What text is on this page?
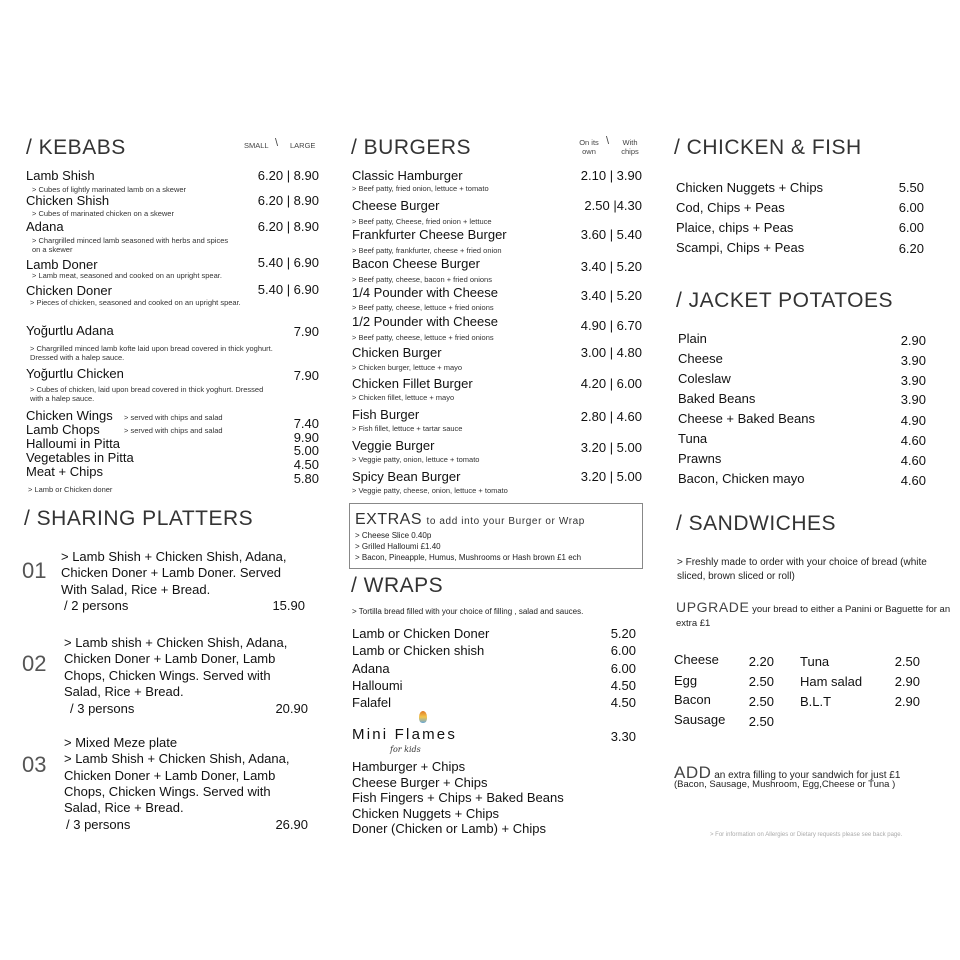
/ KEBABS	SMALL \ LARGE
Lamb Shish	6.20 | 8.90
> Cubes of lightly marinated lamb on a skewer
Chicken Shish	6.20 | 8.90
> Cubes of marinated chicken on a skewer
Adana	6.20 | 8.90
> Chargrilled minced lamb seasoned with herbs and spices on a skewer
Lamb Doner	5.40 | 6.90
> Lamb meat, seasoned and cooked on an upright spear.
Chicken Doner	5.40 | 6.90
> Pieces of chicken, seasoned and cooked on an upright spear.
Yoğurtlu Adana	7.90
> Chargrilled minced lamb kofte laid upon bread covered in thick yoghurt. Dressed with a halep sauce.
Yoğurtlu Chicken	7.90
> Cubes of chicken, laid upon bread covered in thick yoghurt. Dressed with a halep sauce.
Chicken Wings > served with chips and salad	7.40
Lamb Chops	> served with chips and salad	9.90
Halloumi in Pitta	5.00
Vegetables in Pitta	4.50
Meat + Chips	5.80
> Lamb or Chicken doner
/ SHARING PLATTERS
01
> Lamb Shish + Chicken Shish, Adana,
Chicken Doner + Lamb Doner. Served
With Salad, Rice + Bread.
/ 2 persons	15.90
02
> Lamb shish + Chicken Shish, Adana,
Chicken Doner + Lamb Doner, Lamb
Chops, Chicken Wings. Served with
Salad, Rice + Bread.
/ 3 persons	20.90
03
> Mixed Meze plate
> Lamb Shish + Chicken Shish, Adana,
Chicken Doner + Lamb Doner, Lamb
Chops, Chicken Wings. Served with
Salad, Rice + Bread.
/ 3 persons	26.90
/ BURGERS	On its own
\	With chips
Classic Hamburger	2.10 | 3.90
> Beef patty, fried onion, lettuce + tomato
Cheese Burger	2.50 |4.30
> Beef patty, Cheese, fried onion + lettuce
Frankfurter Cheese Burger	3.60 | 5.40
> Beef patty, frankfurter, cheese + fried onion
Bacon Cheese Burger	3.40 | 5.20
> Beef patty, cheese, bacon + fried onions
1/4 Pounder with Cheese	3.40 | 5.20
> Beef patty, cheese, lettuce + fried onions
1/2 Pounder with Cheese	4.90 | 6.70
> Beef patty, cheese, lettuce + fried onions
Chicken Burger	3.00 | 4.80
> Chicken burger, lettuce + mayo
Chicken Fillet Burger	4.20 | 6.00
> Chicken fillet, lettuce + mayo
Fish Burger	2.80 | 4.60
> Fish fillet, lettuce + tartar sauce
Veggie Burger	3.20 | 5.00
> Veggie patty, onion, lettuce + tomato
Spicy Bean Burger	3.20 | 5.00
> Veggie patty, cheese, onion, lettuce + tomato
EXTRAS to add into your Burger or Wrap
> Cheese Slice 0.40p
> Grilled Halloumi £1.40
> Bacon, Pineapple, Humus, Mushrooms or Hash brown £1 ech
/ WRAPS
> Tortilla bread filled with your choice of filling , salad and sauces.
Lamb or Chicken Doner	5.20
Lamb or Chicken shish	6.00
Adana	6.00
Halloumi	4.50
Falafel	4.50
Mini Flames
for kids
3.30
Hamburger + Chips
Cheese Burger + Chips
Fish Fingers + Chips + Baked Beans
Chicken Nuggets + Chips
Doner (Chicken or Lamb) + Chips
/ CHICKEN & FISH
Chicken Nuggets + Chips	5.50
Cod, Chips + Peas	6.00
Plaice, chips + Peas	6.00
Scampi, Chips + Peas	6.20
/ JACKET POTATOES
Plain	2.90
Cheese	3.90
Coleslaw	3.90
Baked Beans	3.90
Cheese + Baked Beans	4.90
Tuna	4.60
Prawns	4.60
Bacon, Chicken mayo	4.60
/ SANDWICHES
> Freshly made to order with your choice of bread (white sliced, brown sliced or roll)
UPGRADE your bread to either a Panini or Baguette for an extra £1
Cheese 2.20
Egg	2.50
Bacon	2.50
Sausage 2.50
Tuna	2.50
Ham salad	2.90
B.L.T	2.90
ADD an extra filling to your sandwich for just £1
(Bacon, Sausage, Mushroom, Egg,Cheese or Tuna )
> For information on Allergies or Dietary requests please see back page.
